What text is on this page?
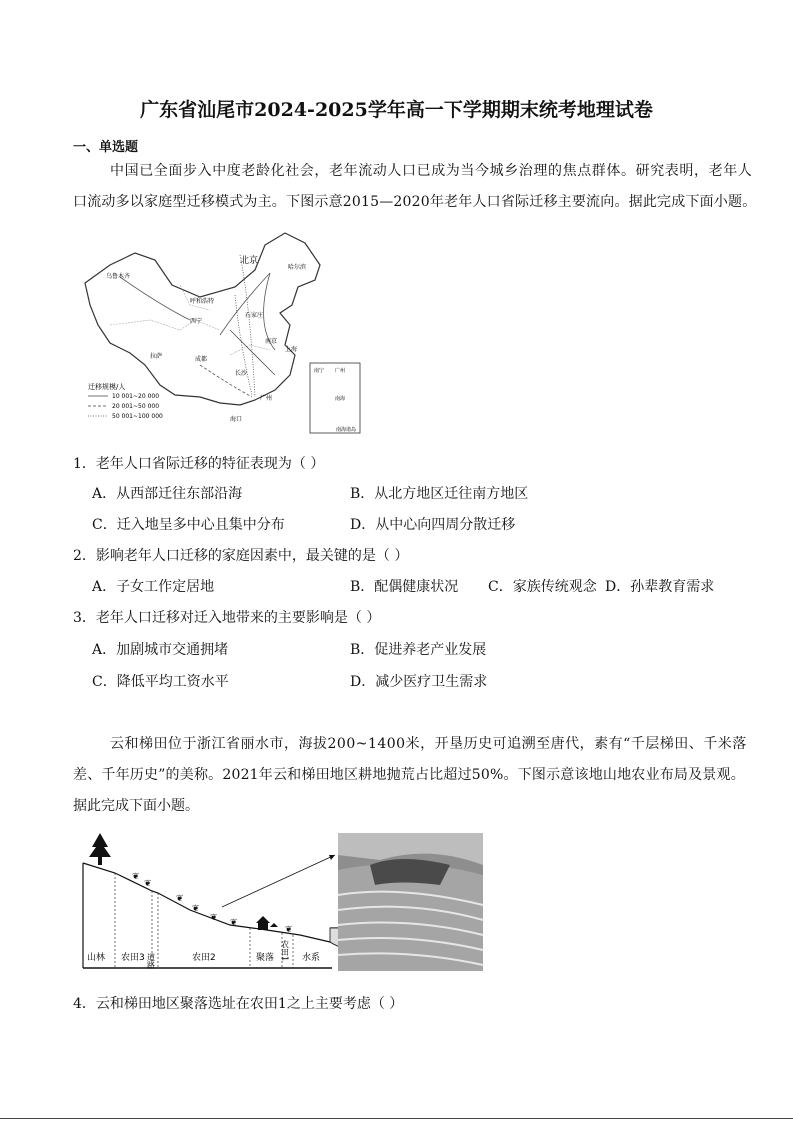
广东省汕尾市2024-2025学年高一下学期期末统考地理试卷
一、单选题
中国已全面步入中度老龄化社会，老年流动人口已成为当今城乡治理的焦点群体。研究表明，老年人
口流动多以家庭型迁移模式为主。下图示意2015—2020年老年人口省际迁移主要流向。据此完成下面小题。
乌鲁木齐
哈尔滨
北京
呼和浩特
石家庄
西宁
南京
上海
拉萨	成都
长沙
广州
海口
迁移规模/人
10 001~20 000
20 001~50 000
50 001~100 000
南宁 广州
南海
南海诸岛
1．老年人口省际迁移的特征表现为（ ）
A．从西部迁往东部沿海	B．从北方地区迁往南方地区
C．迁入地呈多中心且集中分布	D．从中心向四周分散迁移
2．影响老年人口迁移的家庭因素中，最关键的是（ ）
A．子女工作定居地	B．配偶健康状况 C．家族传统观念 D．孙辈教育需求
3．老年人口迁移对迁入地带来的主要影响是（ ）
A．加剧城市交通拥堵	B．促进养老产业发展
C．降低平均工资水平	D．减少医疗卫生需求
云和梯田位于浙江省丽水市，海拔200~1400米，开垦历史可追溯至唐代，素有“千层梯田、千米落
差、千年历史”的美称。2021年云和梯田地区耕地抛荒占比超过50%。下图示意该地山地农业布局及景观。
据此完成下面小题。
❦
❦
❦
❦
❦ ❦
❦
山林 农田3 道路	农田2	聚落 农田1 水系
4．云和梯田地区聚落选址在农田1之上主要考虑（ ）
